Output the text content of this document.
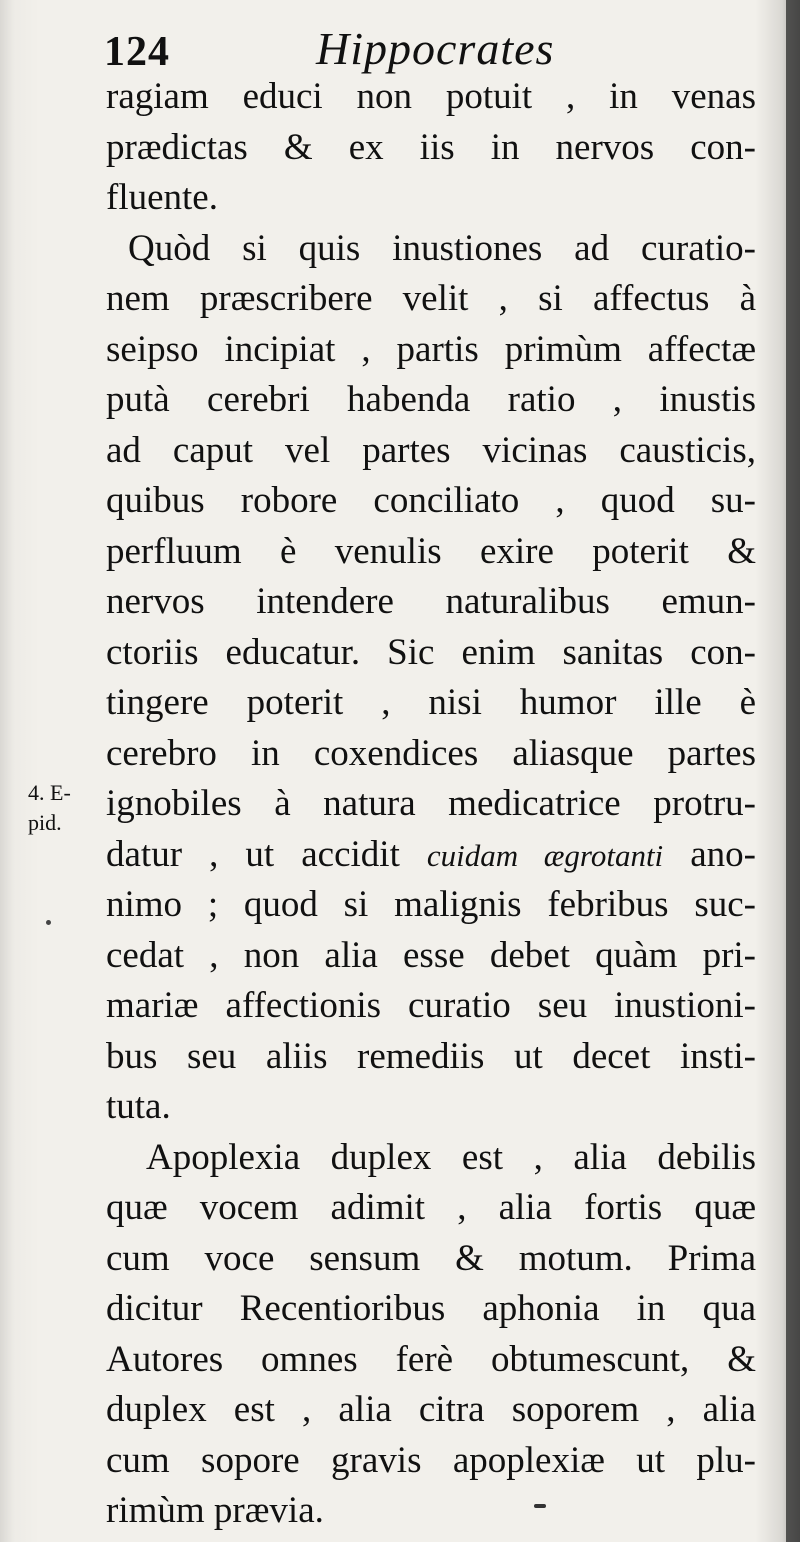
124	Hippocrates
4. E-
pid.
ragiam educi non potuit , in venas
prædictas & ex iis in nervos con-
fluente.
Quòd si quis inustiones ad curatio-
nem præscribere velit , si affectus à
seipso incipiat , partis primùm affectæ
putà cerebri habenda ratio , inustis
ad caput vel partes vicinas causticis,
quibus robore conciliato , quod su-
perfluum è venulis exire poterit &
nervos intendere naturalibus emun-
ctoriis educatur. Sic enim sanitas con-
tingere poterit , nisi humor ille è
cerebro in coxendices aliasque partes
ignobiles à natura medicatrice protru-
datur , ut accidit cuidam ægrotanti ano-
nimo ; quod si malignis febribus suc-
cedat , non alia esse debet quàm pri-
mariæ affectionis curatio seu inustioni-
bus seu aliis remediis ut decet insti-
tuta.
Apoplexia duplex est , alia debilis
quæ vocem adimit , alia fortis quæ
cum voce sensum & motum. Prima
dicitur Recentioribus aphonia in qua
Autores omnes ferè obtumescunt, &
duplex est , alia citra soporem , alia
cum sopore gravis apoplexiæ ut plu-
rimùm prævia.
